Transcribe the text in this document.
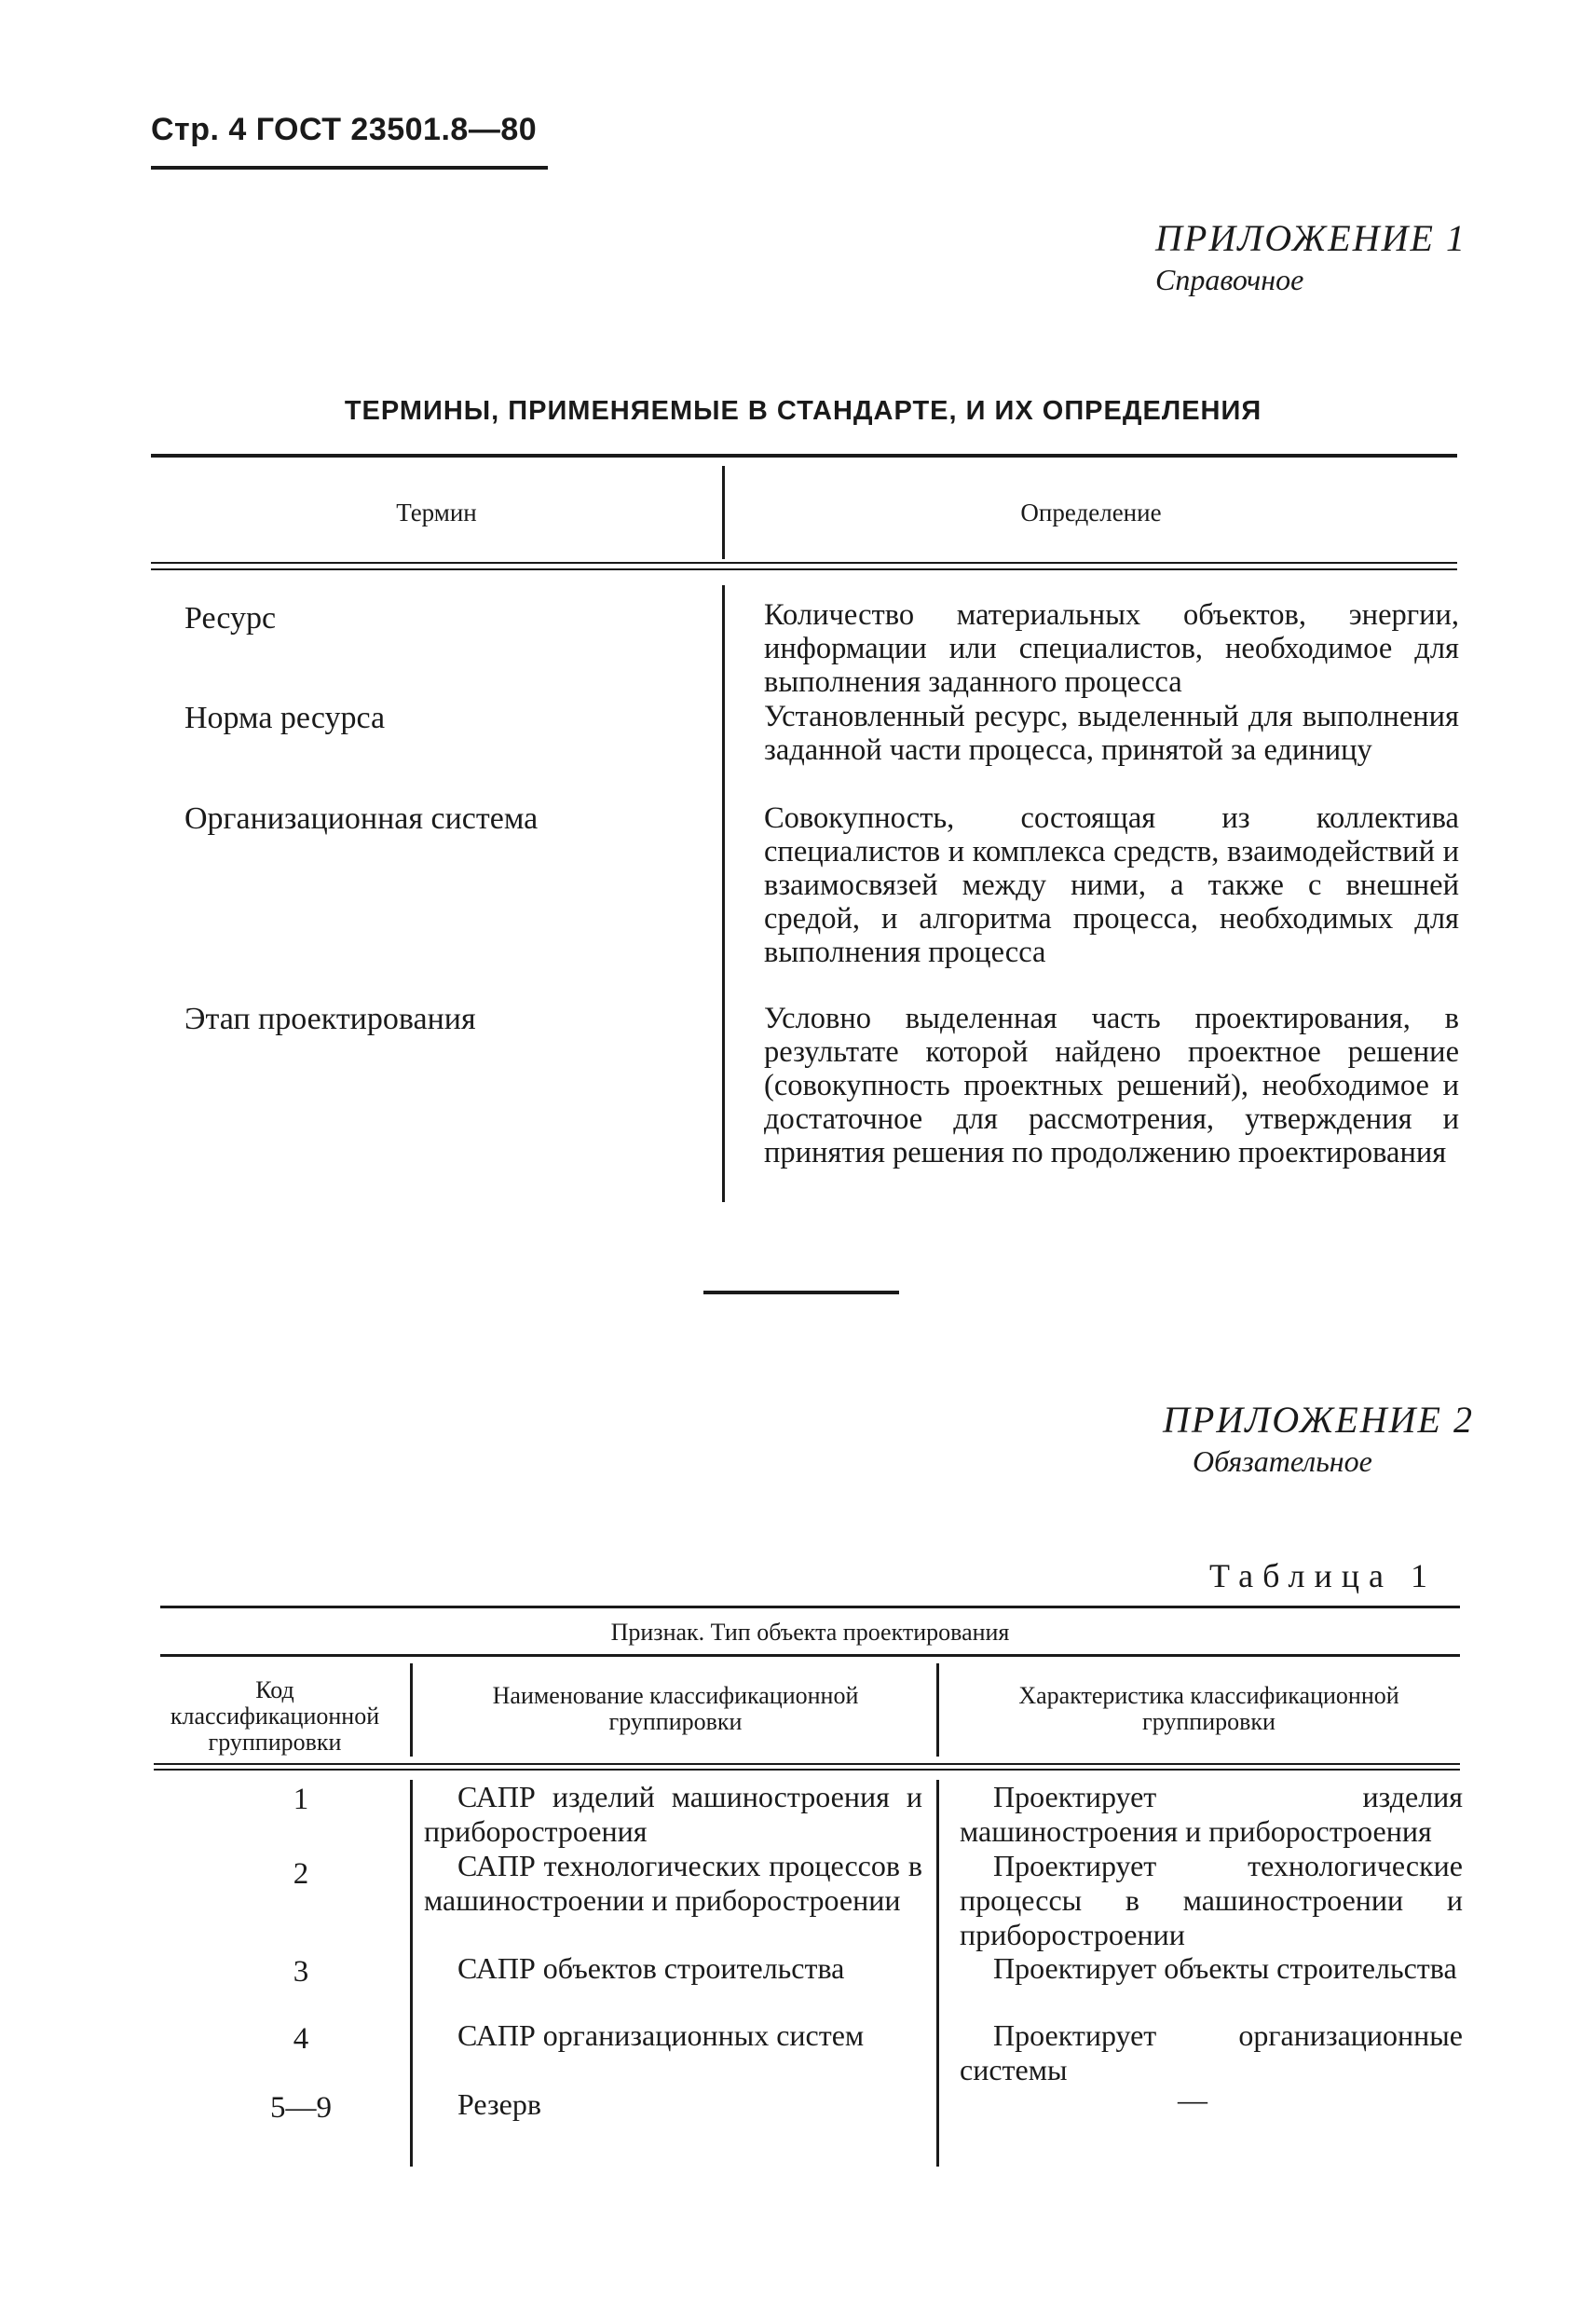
Стр. 4 ГОСТ 23501.8—80
ПРИЛОЖЕНИЕ 1
Справочное
ТЕРМИНЫ, ПРИМЕНЯЕМЫЕ В СТАНДАРТЕ, И ИХ ОПРЕДЕЛЕНИЯ
Термин	Определение
Ресурс
Норма ресурса
Организационная система
Этап проектирования
Количество материальных объектов, энергии, информации или специалистов, необходимое для выполнения заданного процесса
Установленный ресурс, выделенный для выполнения заданной части процесса, принятой за единицу
Совокупность, состоящая из коллектива специалистов и комплекса средств, взаимодействий и взаимосвязей между ними, а также с внешней средой, и алгоритма процесса, необходимых для выполнения процесса
Условно выделенная часть проектирования, в результате которой найдено проектное решение (совокупность проектных решений), необходимое и достаточное для рассмотрения, утверждения и принятия решения по продолжению проектирования
ПРИЛОЖЕНИЕ 2
Обязательное
Таблица 1
Признак. Тип объекта проектирования
Код классификационной группировки
Наименование классификационной группировки
Характеристика классификационной группировки
1
2
3
4
5—9
САПР изделий машиностроения и приборостроения
САПР технологических процессов в машиностроении и приборостроении
САПР объектов строительства
САПР организационных систем
Резерв
Проектирует изделия машиностроения и приборостроения
Проектирует технологические процессы в машиностроении и приборостроении
Проектирует объекты строительства
Проектирует организационные системы
—
